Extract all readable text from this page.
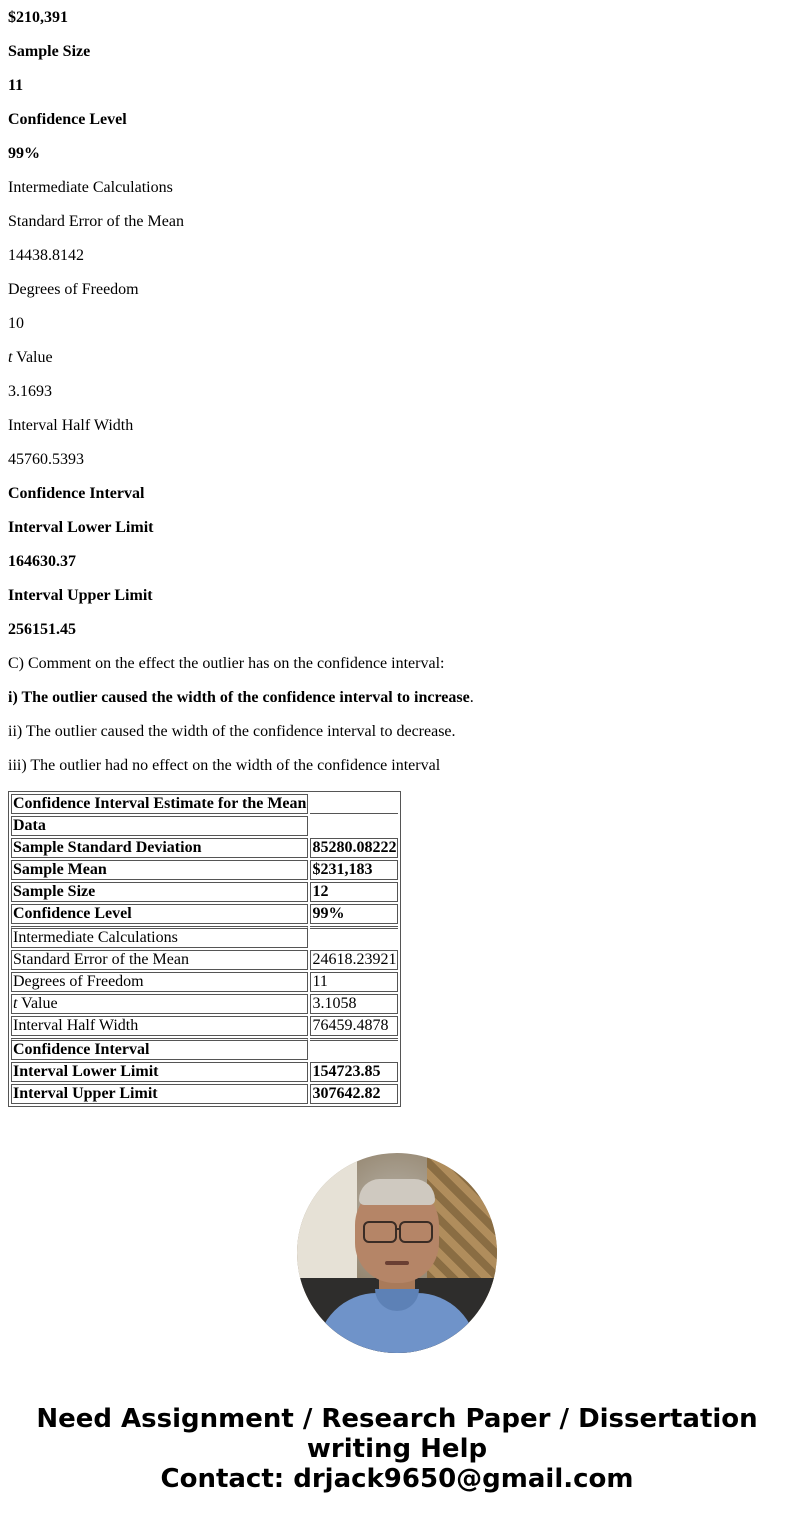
$210,391

Sample Size

11

Confidence Level

99%

Intermediate Calculations

Standard Error of the Mean

14438.8142

Degrees of Freedom

10

t Value

3.1693

Interval Half Width

45760.5393

Confidence Interval

Interval Lower Limit

164630.37

Interval Upper Limit

256151.45

C) Comment on the effect the outlier has on the confidence interval:

i) The outlier caused the width of the confidence interval to increase.

ii) The outlier caused the width of the confidence interval to decrease.

iii) The outlier had no effect on the width of the confidence interval

Confidence Interval Estimate for the Mean	
Data	
Sample Standard Deviation	85280.08222
Sample Mean	$231,183
Sample Size	12
Confidence Level	99%
Intermediate Calculations	
Standard Error of the Mean	24618.23921
Degrees of Freedom	11
t Value	3.1058
Interval Half Width	76459.4878
Confidence Interval	
Interval Lower Limit	154723.85
Interval Upper Limit	307642.82
Need Assignment / Research Paper / Dissertation
writing Help
Contact: drjack9650@gmail.com
